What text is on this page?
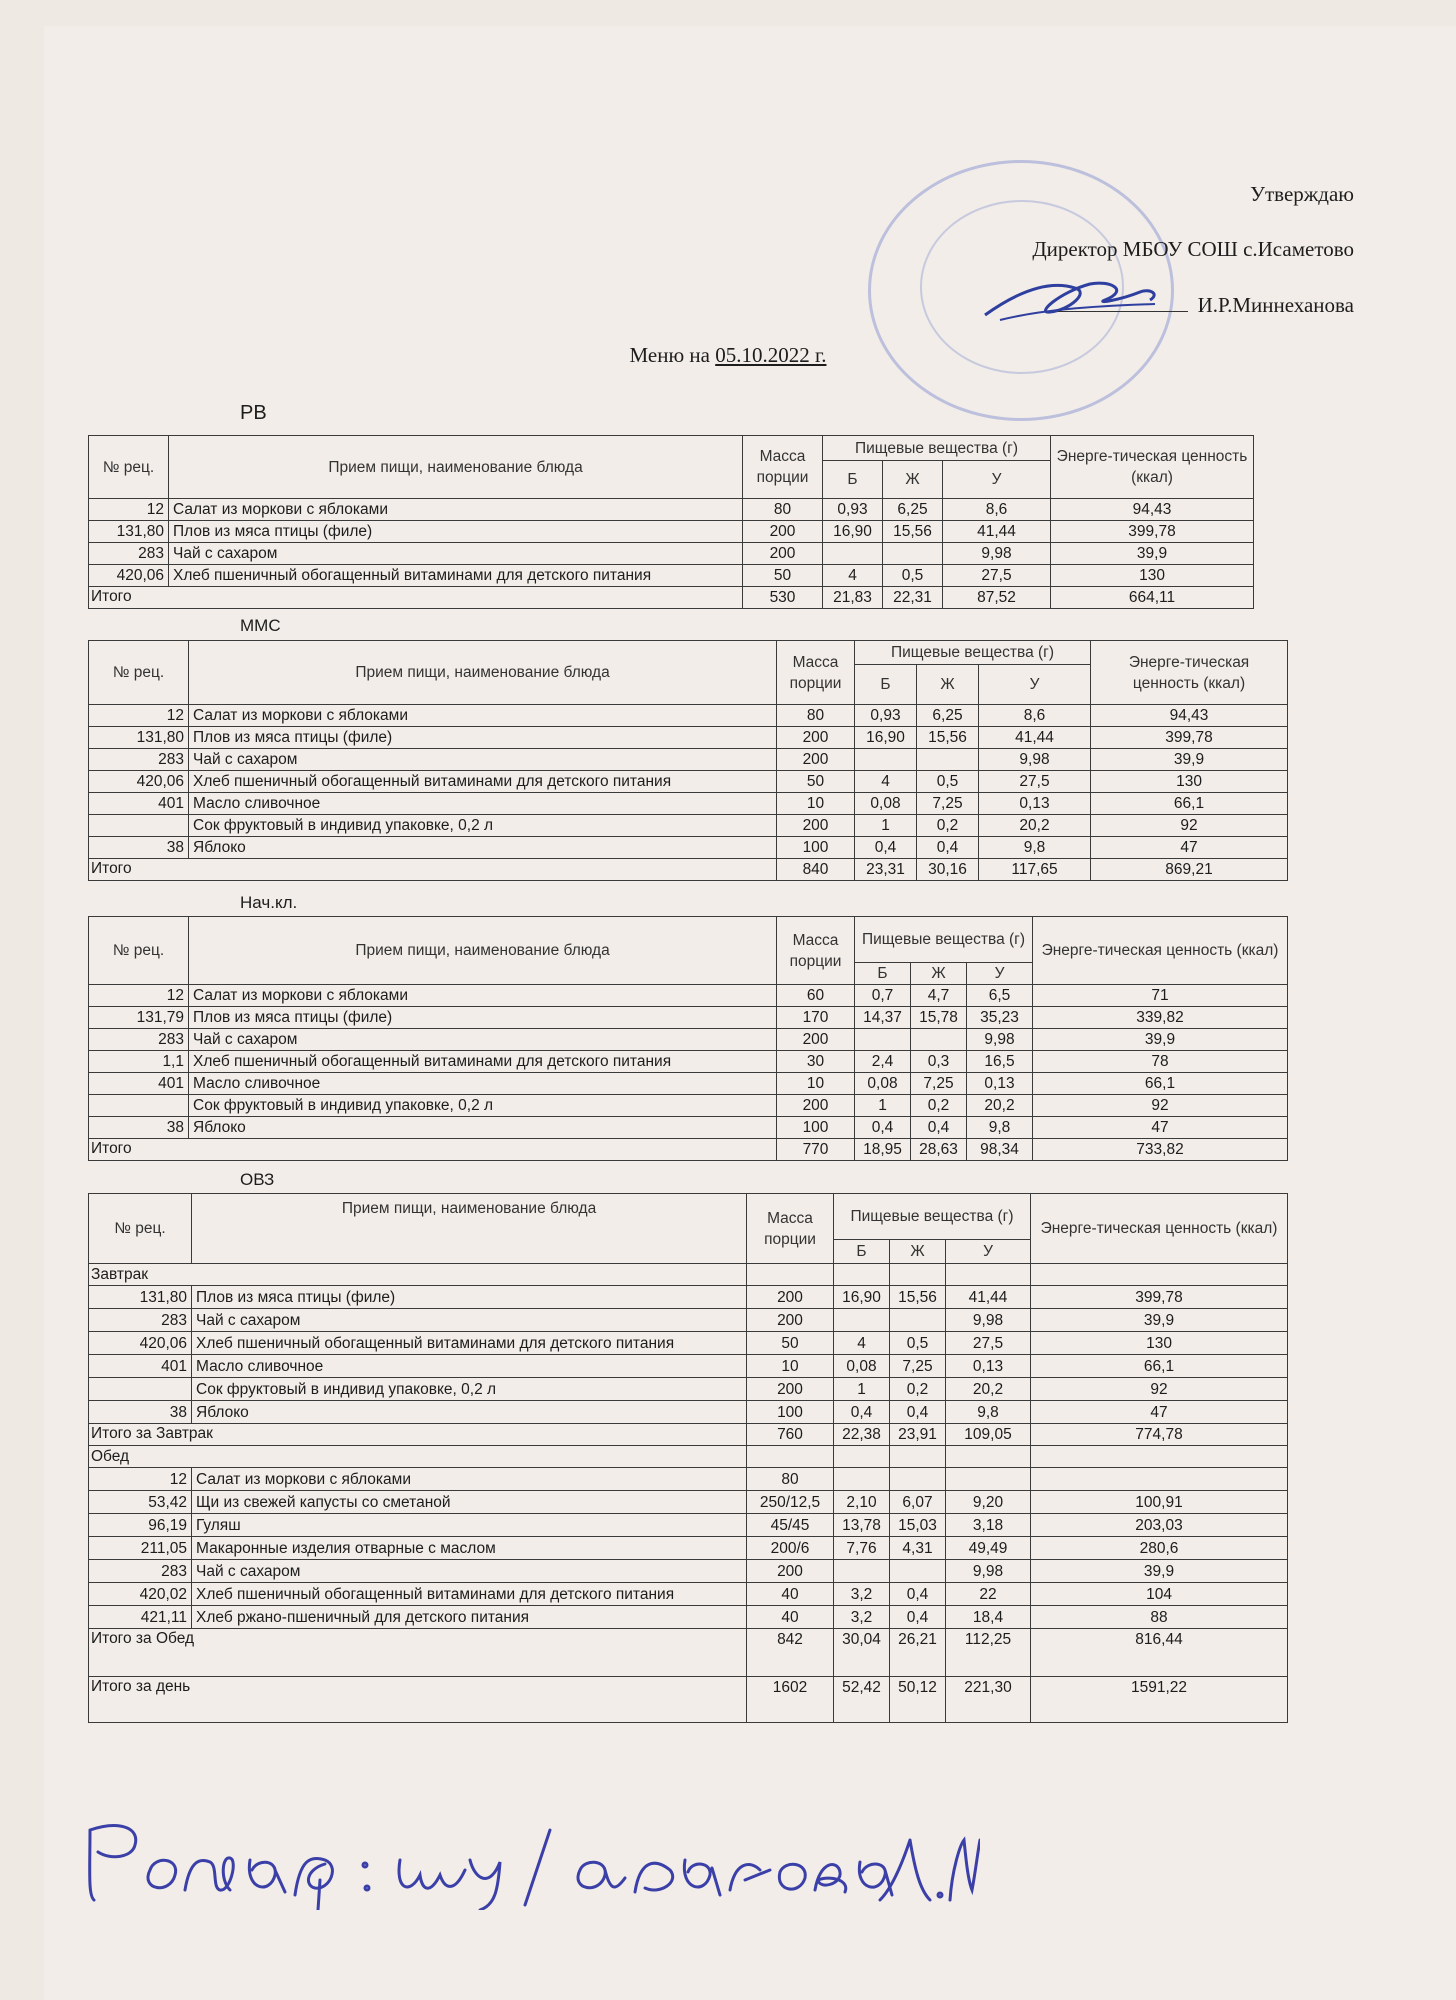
Утверждаю
Директор МБОУ СОШ с.Исаметово
И.Р.Миннеханова
Меню на 05.10.2022 г.
РВ
ММС
Нач.кл.
ОВЗ
№ рец.	Прием пищи, наименование блюда	Масса порции	Пищевые вещества (г)			Энерге-тическая ценность (ккал)
			Б	Ж	У	
12	Салат из моркови с яблоками	80	0,93	6,25	8,6	94,43
131,80	Плов из мяса птицы (филе)	200	16,90	15,56	41,44	399,78
283	Чай с сахаром	200			9,98	39,9
420,06	Хлеб пшеничный обогащенный витаминами для детского питания	50	4	0,5	27,5	130
Итого		530	21,83	22,31	87,52	664,11
№ рец.	Прием пищи, наименование блюда	Масса порции	Пищевые вещества (г)			Энерге-тическая ценность (ккал)
			Б	Ж	У	
12	Салат из моркови с яблоками	80	0,93	6,25	8,6	94,43
131,80	Плов из мяса птицы (филе)	200	16,90	15,56	41,44	399,78
283	Чай с сахаром	200			9,98	39,9
420,06	Хлеб пшеничный обогащенный витаминами для детского питания	50	4	0,5	27,5	130
401	Масло сливочное	10	0,08	7,25	0,13	66,1
	Сок фруктовый в индивид упаковке, 0,2 л	200	1	0,2	20,2	92
38	Яблоко	100	0,4	0,4	9,8	47
Итого		840	23,31	30,16	117,65	869,21
№ рец.	Прием пищи, наименование блюда	Масса порции	Пищевые вещества (г)			Энерге-тическая ценность (ккал)
			Б	Ж	У	
12	Салат из моркови с яблоками	60	0,7	4,7	6,5	71
131,79	Плов из мяса птицы (филе)	170	14,37	15,78	35,23	339,82
283	Чай с сахаром	200			9,98	39,9
1,1	Хлеб пшеничный обогащенный витаминами для детского питания	30	2,4	0,3	16,5	78
401	Масло сливочное	10	0,08	7,25	0,13	66,1
	Сок фруктовый в индивид упаковке, 0,2 л	200	1	0,2	20,2	92
38	Яблоко	100	0,4	0,4	9,8	47
Итого		770	18,95	28,63	98,34	733,82
№ рец.	Прием пищи, наименование блюда	Масса порции	Пищевые вещества (г)			Энерге-тическая ценность (ккал)
			Б	Ж	У	
Завтрак						
131,80	Плов из мяса птицы (филе)	200	16,90	15,56	41,44	399,78
283	Чай с сахаром	200			9,98	39,9
420,06	Хлеб пшеничный обогащенный витаминами для детского питания	50	4	0,5	27,5	130
401	Масло сливочное	10	0,08	7,25	0,13	66,1
	Сок фруктовый в индивид упаковке, 0,2 л	200	1	0,2	20,2	92
38	Яблоко	100	0,4	0,4	9,8	47
Итого за Завтрак		760	22,38	23,91	109,05	774,78
Обед						
12	Салат из моркови с яблоками	80				
53,42	Щи из свежей капусты со сметаной	250/12,5	2,10	6,07	9,20	100,91
96,19	Гуляш	45/45	13,78	15,03	3,18	203,03
211,05	Макаронные изделия отварные с маслом	200/6	7,76	4,31	49,49	280,6
283	Чай с сахаром	200			9,98	39,9
420,02	Хлеб пшеничный обогащенный витаминами для детского питания	40	3,2	0,4	22	104
421,11	Хлеб ржано-пшеничный для детского питания	40	3,2	0,4	18,4	88
Итого за Обед		842	30,04	26,21	112,25	816,44
Итого за день		1602	52,42	50,12	221,30	1591,22
